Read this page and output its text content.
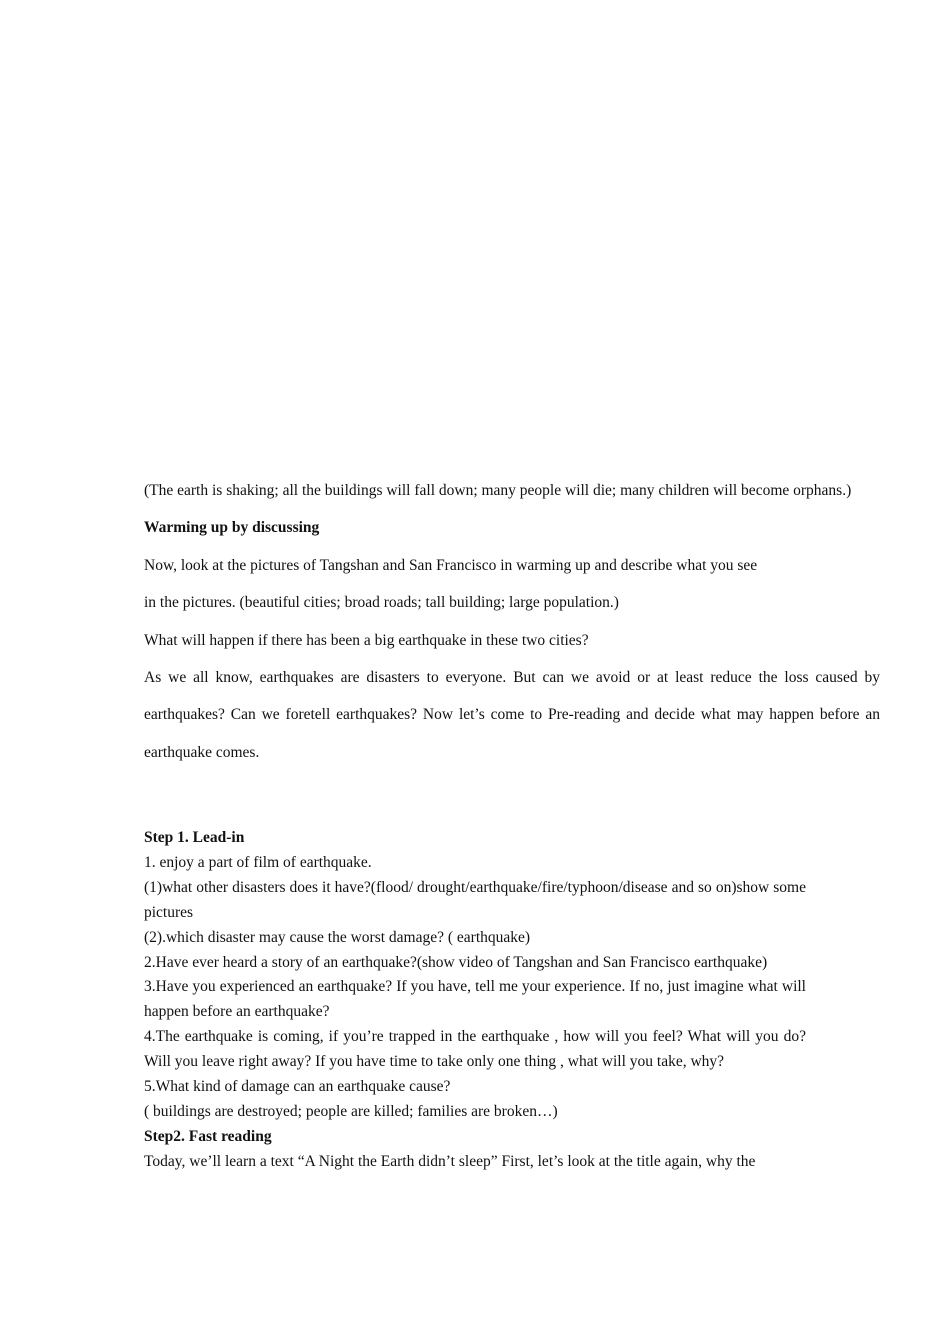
(The earth is shaking; all the buildings will fall down; many people will die; many children will become orphans.)

Warming up by discussing

Now, look at the pictures of Tangshan and San Francisco in warming up and describe what you see

in the pictures. (beautiful cities; broad roads; tall building; large population.)

What will happen if there has been a big earthquake in these two cities?

As we all know, earthquakes are disasters to everyone. But can we avoid or at least reduce the loss caused by earthquakes? Can we foretell earthquakes? Now let’s come to Pre-reading and decide what may happen before an earthquake comes.

Step 1. Lead-in

1. enjoy a part of film of earthquake.

(1)what other disasters does it have?(flood/ drought/earthquake/fire/typhoon/disease and so on)show some pictures

(2).which disaster may cause the worst damage? ( earthquake)

2.Have ever heard a story of an earthquake?(show video of Tangshan and San Francisco earthquake)

3.Have you experienced an earthquake? If you have, tell me your experience. If no, just imagine what will happen before an earthquake?

4.The earthquake is coming, if you’re trapped in the earthquake , how will you feel? What will you do? Will you leave right away? If you have time to take only one thing , what will you take, why?

5.What kind of damage can an earthquake cause?

( buildings are destroyed; people are killed; families are broken…)

Step2. Fast reading

Today, we’ll learn a text “A Night the Earth didn’t sleep” First, let’s look at the title again, why the
